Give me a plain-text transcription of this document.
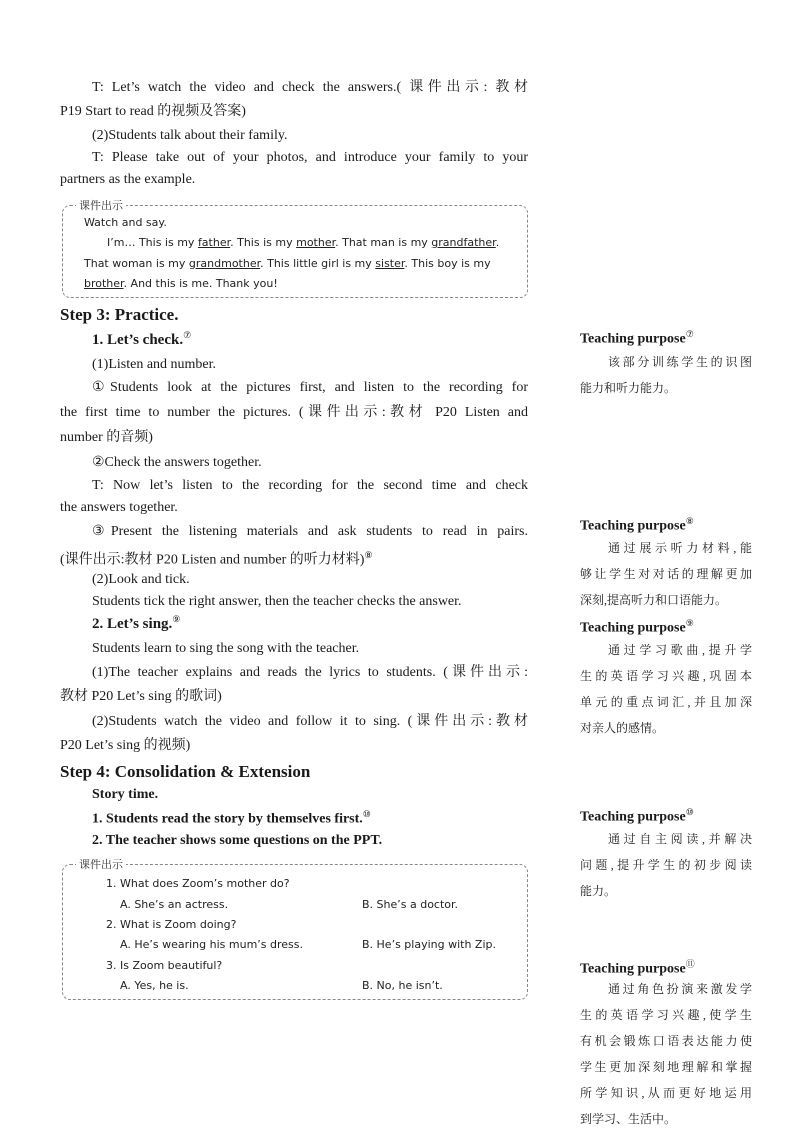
T: Let’s watch the video and check the answers.( 课件出示: 教材
P19 Start to read 的视频及答案)
(2)Students talk about their family.
T: Please take out of your photos, and introduce your family to your
partners as the example.
课件出示
Watch and say.
I’m… This is my father. This is my mother. That man is my grandfather.
That woman is my grandmother. This little girl is my sister. This boy is my
brother. And this is me. Thank you!
Step 3: Practice.
1. Let’s check.⑦
(1)Listen and number.
①Students look at the pictures first, and listen to the recording for
the first time to number the pictures. (课件出示:教材 P20 Listen and
number 的音频)
②Check the answers together.
T: Now let’s listen to the recording for the second time and check
the answers together.
③Present the listening materials and ask students to read in pairs.
(课件出示:教材 P20 Listen and number 的听力材料)⑧
(2)Look and tick.
Students tick the right answer, then the teacher checks the answer.
2. Let’s sing.⑨
Students learn to sing the song with the teacher.
(1)The teacher explains and reads the lyrics to students. (课件出示:
教材 P20 Let’s sing 的歌词)
(2)Students watch the video and follow it to sing. (课件出示:教材
P20 Let’s sing 的视频)
Step 4: Consolidation & Extension
Story time.
1. Students read the story by themselves first.⑩
2. The teacher shows some questions on the PPT.
课件出示
1. What does Zoom’s mother do?
A. She’s an actress.	B. She’s a doctor.
2. What is Zoom doing?
A. He’s wearing his mum’s dress.	B. He’s playing with Zip.
3. Is Zoom beautiful?
A. Yes, he is.	B. No, he isn’t.
Teaching purpose⑦
该部分训练学生的识图
能力和听力能力。
Teaching purpose⑧
通过展示听力材料,能
够让学生对对话的理解更加
深刻,提高听力和口语能力。
Teaching purpose⑨
通过学习歌曲,提升学
生的英语学习兴趣,巩固本
单元的重点词汇,并且加深
对亲人的感情。
Teaching purpose⑩
通过自主阅读,并解决
问题,提升学生的初步阅读
能力。
Teaching purpose⑪
通过角色扮演来激发学
生的英语学习兴趣,使学生
有机会锻炼口语表达能力使
学生更加深刻地理解和掌握
所学知识,从而更好地运用
到学习、生活中。
